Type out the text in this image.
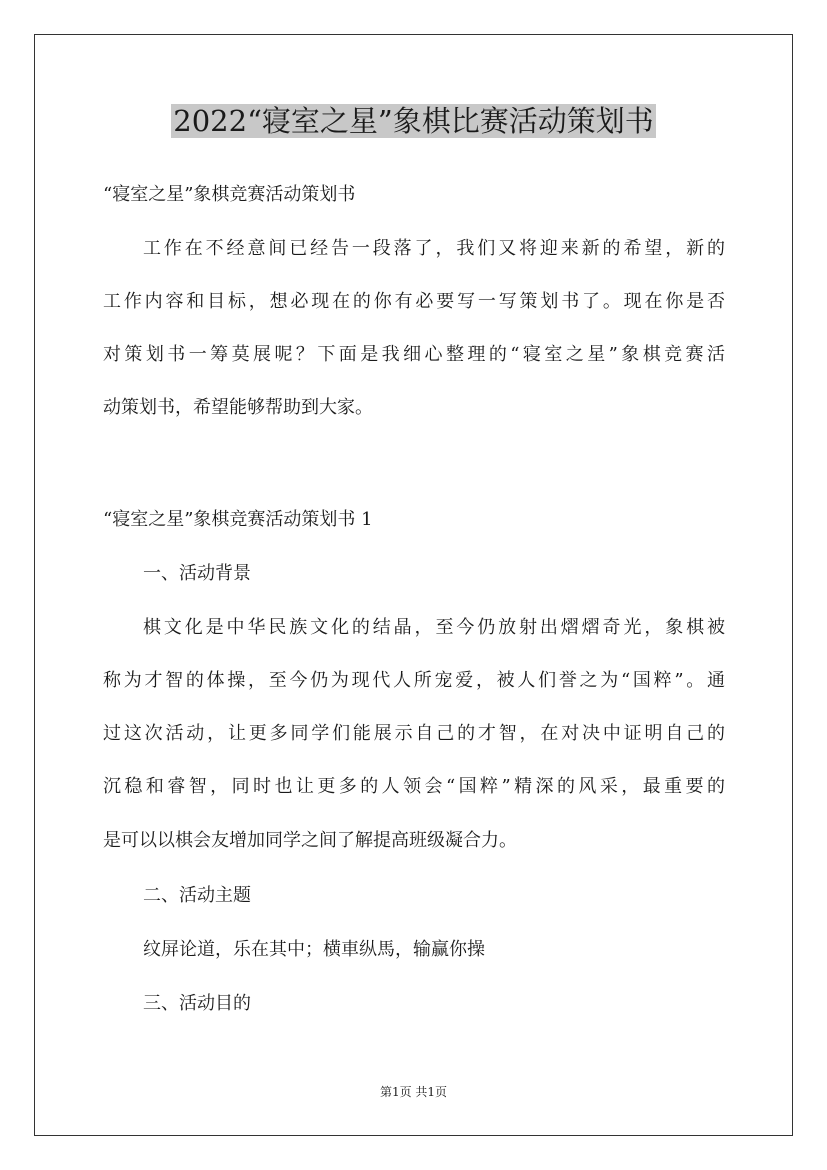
2022“寝室之星”象棋比赛活动策划书

“寝室之星”象棋竞赛活动策划书

工作在不经意间已经告一段落了，我们又将迎来新的希望，新的

工作内容和目标，想必现在的你有必要写一写策划书了。现在你是否

对策划书一筹莫展呢？下面是我细心整理的“寝室之星”象棋竞赛活

动策划书，希望能够帮助到大家。

“寝室之星”象棋竞赛活动策划书 1

一、活动背景

棋文化是中华民族文化的结晶，至今仍放射出熠熠奇光，象棋被

称为才智的体操，至今仍为现代人所宠爱，被人们誉之为“国粹”。通

过这次活动，让更多同学们能展示自己的才智，在对决中证明自己的

沉稳和睿智，同时也让更多的人领会“国粹”精深的风采，最重要的

是可以以棋会友增加同学之间了解提高班级凝合力。

二、活动主题

纹屏论道，乐在其中；横車纵馬，输赢你操

三、活动目的

第1页 共1页
